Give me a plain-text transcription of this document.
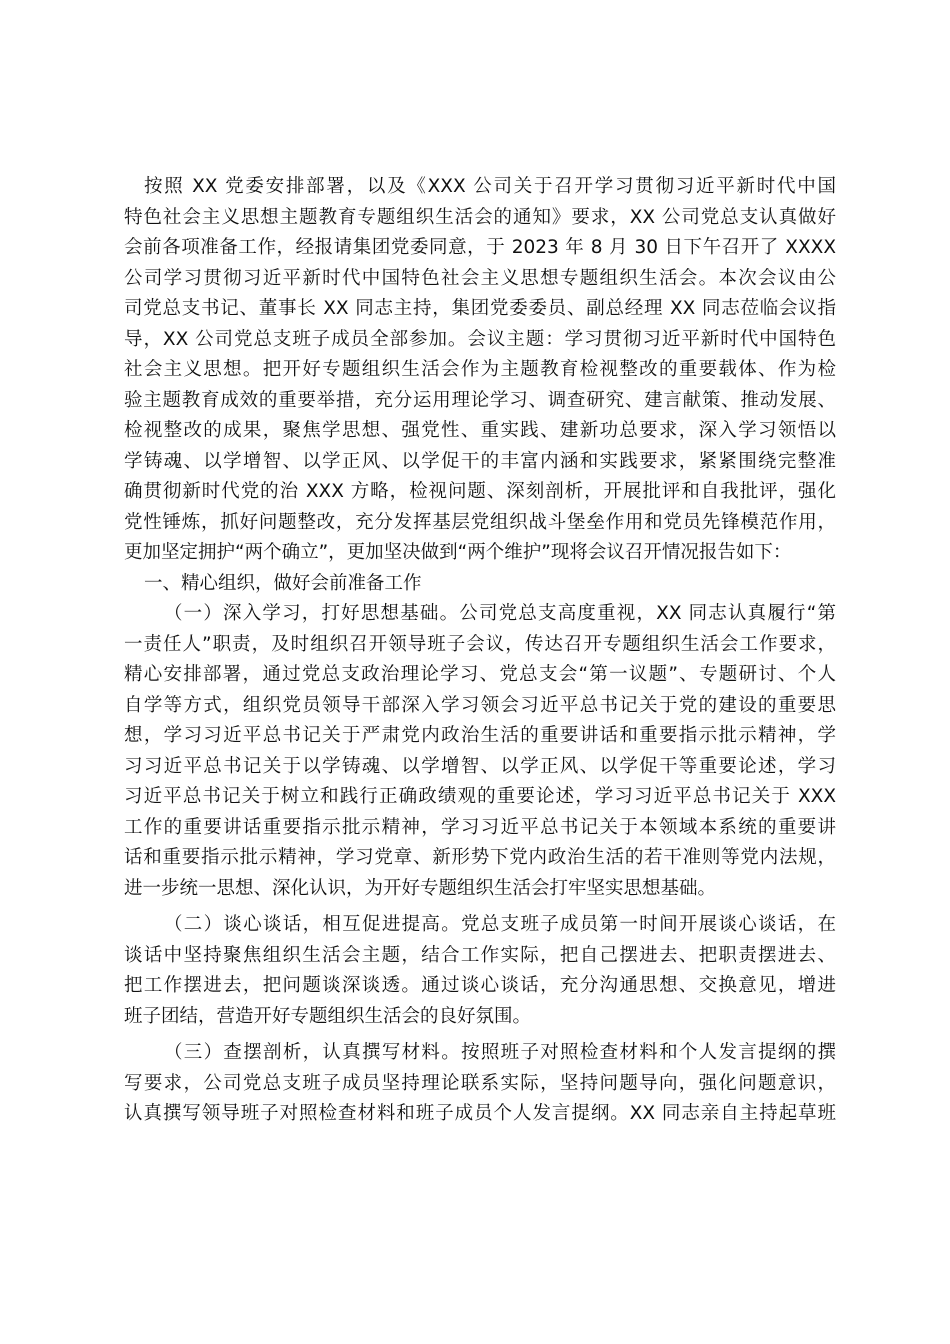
按照 XX 党委安排部署，以及《XXX 公司关于召开学习贯彻习近平新时代中国
特色社会主义思想主题教育专题组织生活会的通知》要求，XX 公司党总支认真做好
会前各项准备工作，经报请集团党委同意，于 2023 年 8 月 30 日下午召开了 XXXX
公司学习贯彻习近平新时代中国特色社会主义思想专题组织生活会。本次会议由公
司党总支书记、董事长 XX 同志主持，集团党委委员、副总经理 XX 同志莅临会议指
导，XX 公司党总支班子成员全部参加。会议主题：学习贯彻习近平新时代中国特色
社会主义思想。把开好专题组织生活会作为主题教育检视整改的重要载体、作为检
验主题教育成效的重要举措，充分运用理论学习、调查研究、建言献策、推动发展、
检视整改的成果，聚焦学思想、强党性、重实践、建新功总要求，深入学习领悟以
学铸魂、以学增智、以学正风、以学促干的丰富内涵和实践要求，紧紧围绕完整准
确贯彻新时代党的治 XXX 方略，检视问题、深刻剖析，开展批评和自我批评，强化
党性锤炼，抓好问题整改，充分发挥基层党组织战斗堡垒作用和党员先锋模范作用，
更加坚定拥护“两个确立”，更加坚决做到“两个维护”现将会议召开情况报告如下：
一、精心组织，做好会前准备工作
（一）深入学习，打好思想基础。公司党总支高度重视，XX 同志认真履行“第
一责任人”职责，及时组织召开领导班子会议，传达召开专题组织生活会工作要求，
精心安排部署，通过党总支政治理论学习、党总支会“第一议题”、专题研讨、个人
自学等方式，组织党员领导干部深入学习领会习近平总书记关于党的建设的重要思
想，学习习近平总书记关于严肃党内政治生活的重要讲话和重要指示批示精神，学
习习近平总书记关于以学铸魂、以学增智、以学正风、以学促干等重要论述，学习
习近平总书记关于树立和践行正确政绩观的重要论述，学习习近平总书记关于 XXX
工作的重要讲话重要指示批示精神，学习习近平总书记关于本领域本系统的重要讲
话和重要指示批示精神，学习党章、新形势下党内政治生活的若干准则等党内法规，
进一步统一思想、深化认识，为开好专题组织生活会打牢坚实思想基础。
（二）谈心谈话，相互促进提高。党总支班子成员第一时间开展谈心谈话，在
谈话中坚持聚焦组织生活会主题，结合工作实际，把自己摆进去、把职责摆进去、
把工作摆进去，把问题谈深谈透。通过谈心谈话，充分沟通思想、交换意见，增进
班子团结，营造开好专题组织生活会的良好氛围。
（三）查摆剖析，认真撰写材料。按照班子对照检查材料和个人发言提纲的撰
写要求，公司党总支班子成员坚持理论联系实际，坚持问题导向，强化问题意识，
认真撰写领导班子对照检查材料和班子成员个人发言提纲。XX 同志亲自主持起草班
